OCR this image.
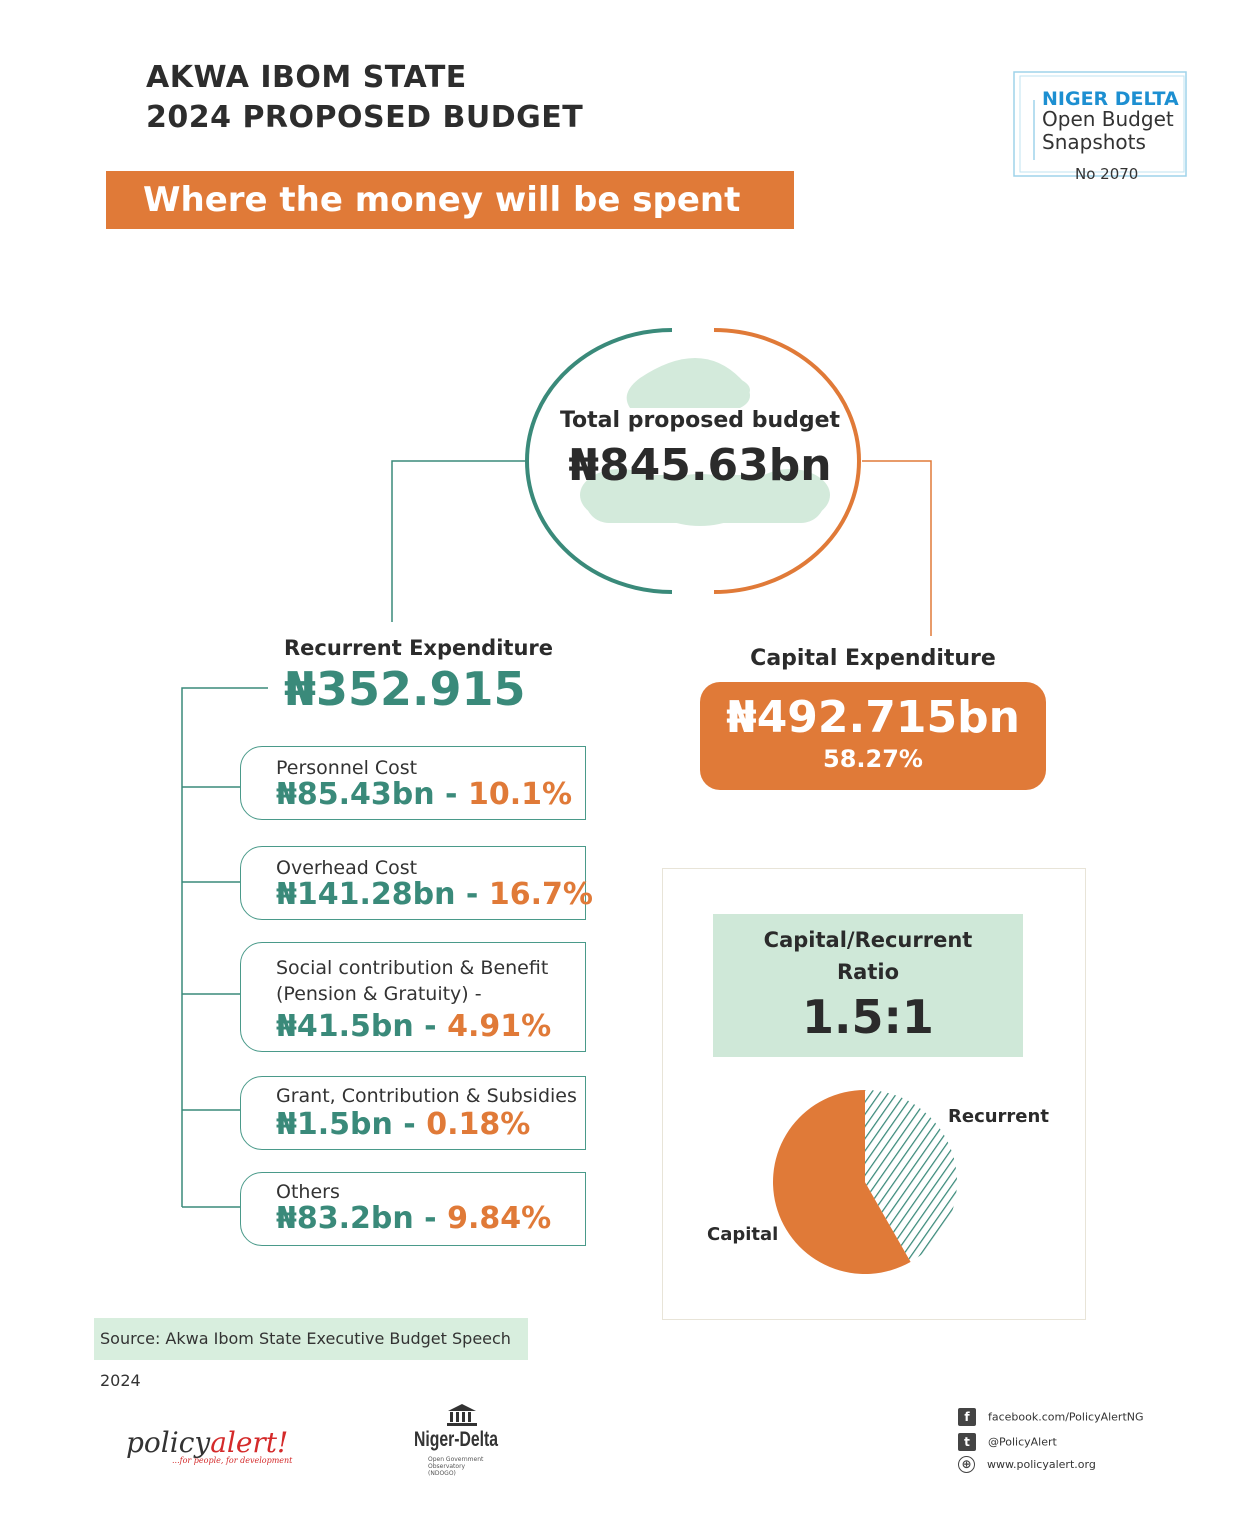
AKWA IBOM STATE
2024 PROPOSED BUDGET
Where the money will be spent
NIGER DELTA
Open Budget
Snapshots
No 2070
Total proposed budget
₦845.63bn
Recurrent Expenditure
₦352.915
Personnel Cost
₦85.43bn - 10.1%
Overhead Cost
₦141.28bn - 16.7%
Social contribution & Benefit
(Pension & Gratuity) -
₦41.5bn - 4.91%
Grant, Contribution & Subsidies
₦1.5bn - 0.18%
Others
₦83.2bn - 9.84%
Capital Expenditure
₦492.715bn
58.27%
Capital/Recurrent
Ratio
1.5:1
Recurrent
Capital
Source: Akwa Ibom State Executive Budget Speech 2024
policyalert!
...for people, for development
Niger-Delta
Open Government Observatory (NDOGO)
f facebook.com/PolicyAlertNG
t @PolicyAlert
⊕ www.policyalert.org
